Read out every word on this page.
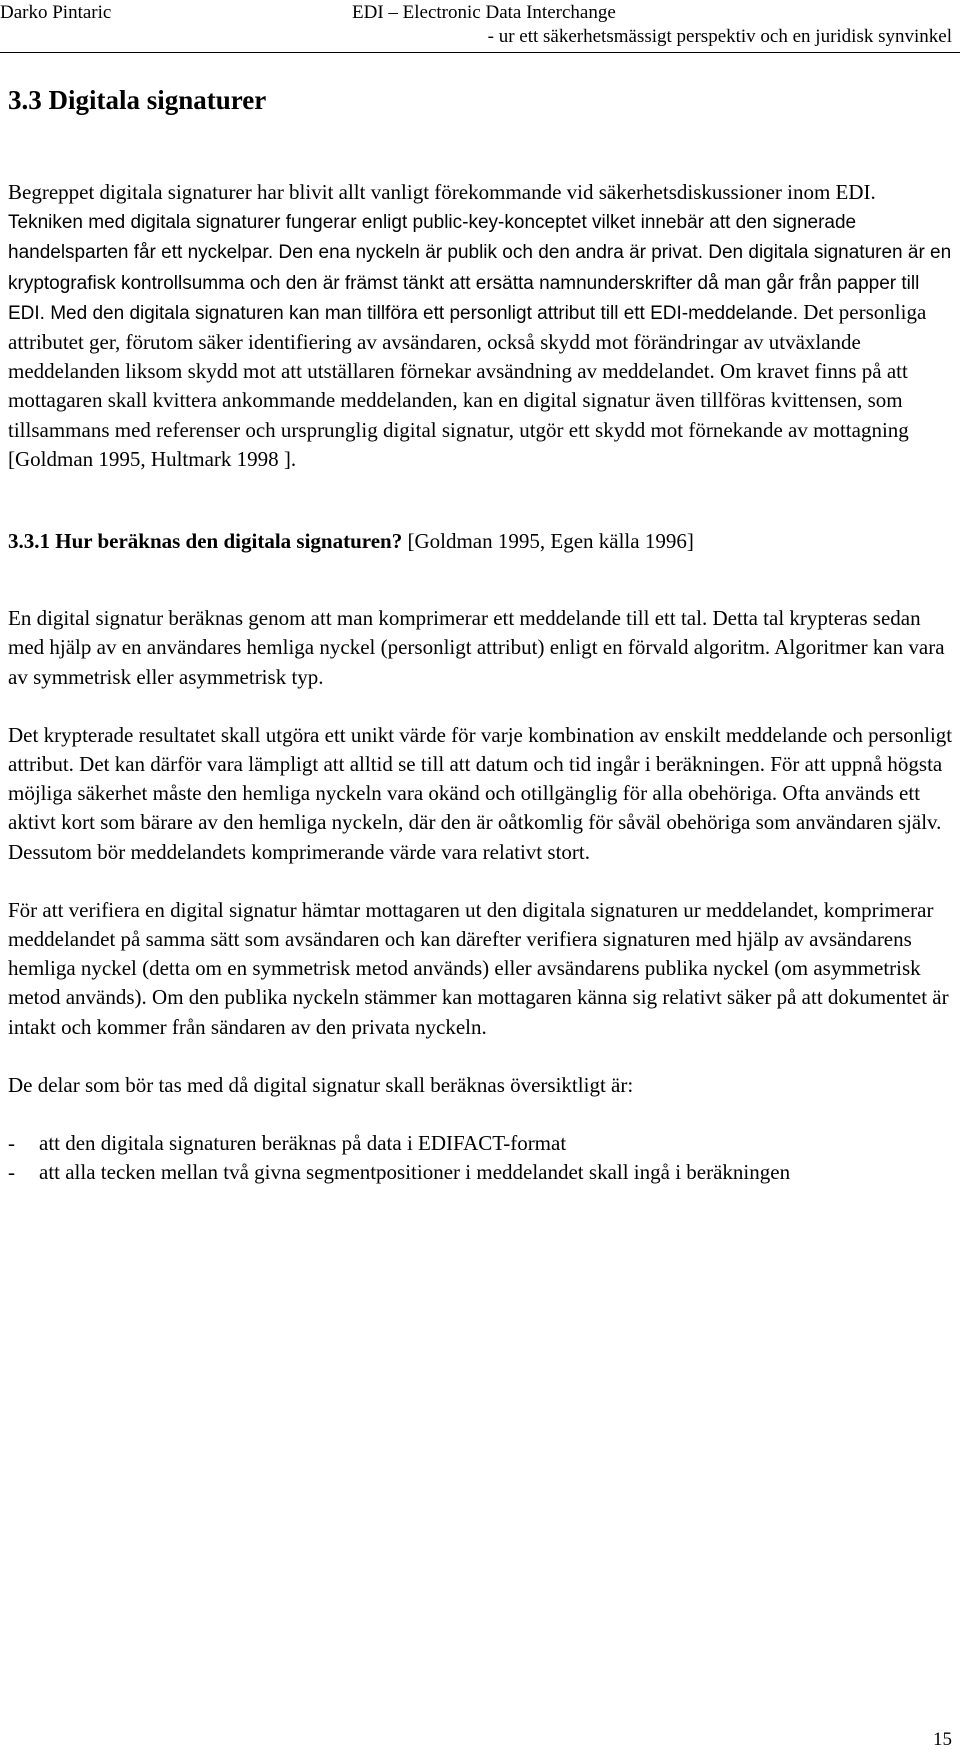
Darko Pintaric	EDI – Electronic Data Interchange
- ur ett säkerhetsmässigt perspektiv och en juridisk synvinkel
3.3 Digitala signaturer

Begreppet digitala signaturer har blivit allt vanligt förekommande vid säkerhetsdiskussioner inom EDI. Tekniken med digitala signaturer fungerar enligt public-key-konceptet vilket innebär att den signerade handelsparten får ett nyckelpar. Den ena nyckeln är publik och den andra är privat. Den digitala signaturen är en kryptografisk kontrollsumma och den är främst tänkt att ersätta namnunderskrifter då man går från papper till EDI. Med den digitala signaturen kan man tillföra ett personligt attribut till ett EDI-meddelande. Det personliga attributet ger, förutom säker identifiering av avsändaren, också skydd mot förändringar av utväxlande meddelanden liksom skydd mot att utställaren förnekar avsändning av meddelandet. Om kravet finns på att mottagaren skall kvittera ankommande meddelanden, kan en digital signatur även tillföras kvittensen, som tillsammans med referenser och ursprunglig digital signatur, utgör ett skydd mot förnekande av mottagning [Goldman 1995, Hultmark 1998 ].

3.3.1 Hur beräknas den digitala signaturen? [Goldman 1995, Egen källa 1996]

En digital signatur beräknas genom att man komprimerar ett meddelande till ett tal. Detta tal krypteras sedan med hjälp av en användares hemliga nyckel (personligt attribut) enligt en förvald algoritm. Algoritmer kan vara av symmetrisk eller asymmetrisk typ.

Det krypterade resultatet skall utgöra ett unikt värde för varje kombination av enskilt meddelande och personligt attribut. Det kan därför vara lämpligt att alltid se till att datum och tid ingår i beräkningen. För att uppnå högsta möjliga säkerhet måste den hemliga nyckeln vara okänd och otillgänglig för alla obehöriga. Ofta används ett aktivt kort som bärare av den hemliga nyckeln, där den är oåtkomlig för såväl obehöriga som användaren själv. Dessutom bör meddelandets komprimerande värde vara relativt stort.

För att verifiera en digital signatur hämtar mottagaren ut den digitala signaturen ur meddelandet, komprimerar meddelandet på samma sätt som avsändaren och kan därefter verifiera signaturen med hjälp av avsändarens hemliga nyckel (detta om en symmetrisk metod används) eller avsändarens publika nyckel (om asymmetrisk metod används). Om den publika nyckeln stämmer kan mottagaren känna sig relativt säker på att dokumentet är intakt och kommer från sändaren av den privata nyckeln.

De delar som bör tas med då digital signatur skall beräknas översiktligt är:

- att den digitala signaturen beräknas på data i EDIFACT-format
- att alla tecken mellan två givna segmentpositioner i meddelandet skall ingå i beräkningen
15
